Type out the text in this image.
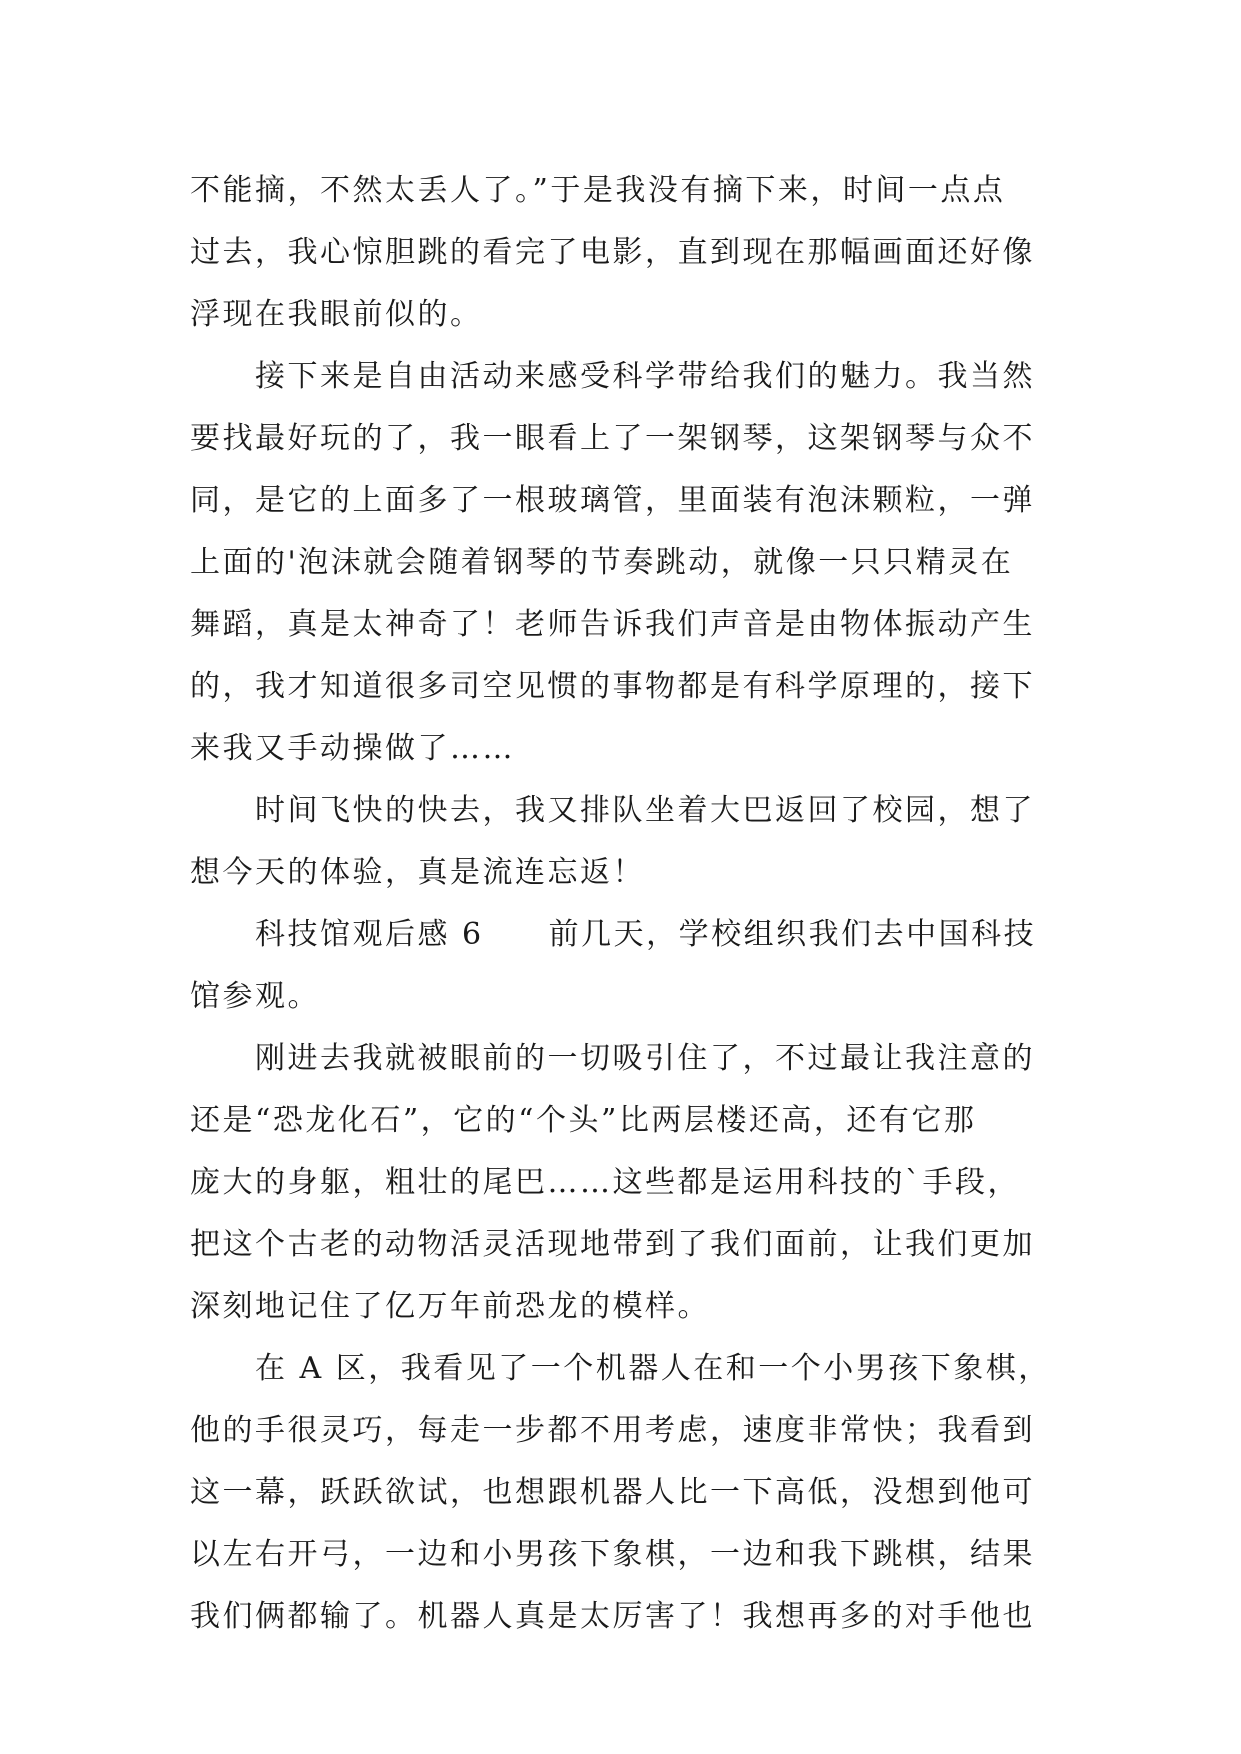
不能摘，不然太丢人了。”于是我没有摘下来，时间一点点
过去，我心惊胆跳的看完了电影，直到现在那幅画面还好像
浮现在我眼前似的。
　　接下来是自由活动来感受科学带给我们的魅力。我当然
要找最好玩的了，我一眼看上了一架钢琴，这架钢琴与众不
同，是它的上面多了一根玻璃管，里面装有泡沫颗粒，一弹
上面的'泡沫就会随着钢琴的节奏跳动，就像一只只精灵在
舞蹈，真是太神奇了！老师告诉我们声音是由物体振动产生
的，我才知道很多司空见惯的事物都是有科学原理的，接下
来我又手动操做了……
　　时间飞快的快去，我又排队坐着大巴返回了校园，想了
想今天的体验，真是流连忘返！
　　科技馆观后感 6　　前几天，学校组织我们去中国科技
馆参观。
　　刚进去我就被眼前的一切吸引住了，不过最让我注意的
还是“恐龙化石”，它的“个头”比两层楼还高，还有它那
庞大的身躯，粗壮的尾巴……这些都是运用科技的`手段，
把这个古老的动物活灵活现地带到了我们面前，让我们更加
深刻地记住了亿万年前恐龙的模样。
　　在 A 区，我看见了一个机器人在和一个小男孩下象棋，
他的手很灵巧，每走一步都不用考虑，速度非常快；我看到
这一幕，跃跃欲试，也想跟机器人比一下高低，没想到他可
以左右开弓，一边和小男孩下象棋，一边和我下跳棋，结果
我们俩都输了。机器人真是太厉害了！我想再多的对手他也
